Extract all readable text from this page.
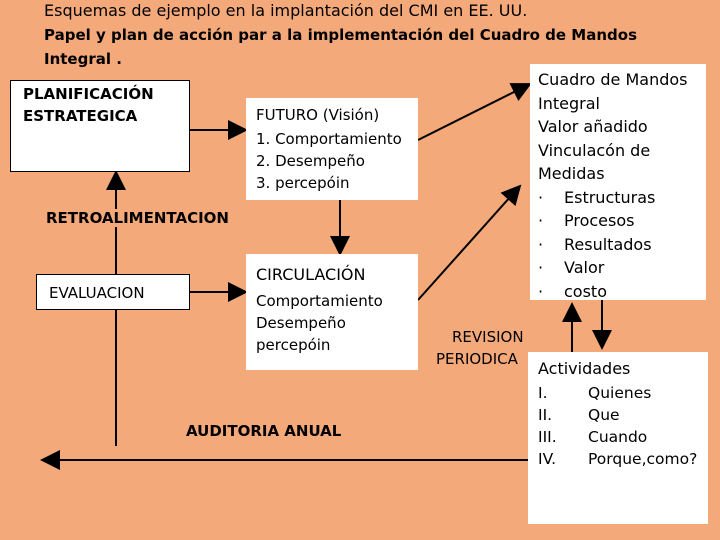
Esquemas de ejemplo en la implantación del CMI en EE. UU.
Papel y plan de acción par a la implementación del Cuadro de Mandos
Integral .
PLANIFICACIÓN ESTRATEGICA	FUTURO (Visión)
1. Comportamiento
2. Desempeño
3. percepóin
Cuadro de Mandos
Integral
Valor añadido
Vinculacón de
Medidas
·	Estructuras
·	Procesos
·	Resultados
·	Valor
·	costo
RETROALIMENTACION
EVALUACION
CIRCULACIÓN
Comportamiento
Desempeño
percepóin	REVISION
PERIODICA	Actividades
I.	Quienes
II.	Que
III.	Cuando
IV.	Porque,como?
AUDITORIA ANUAL
